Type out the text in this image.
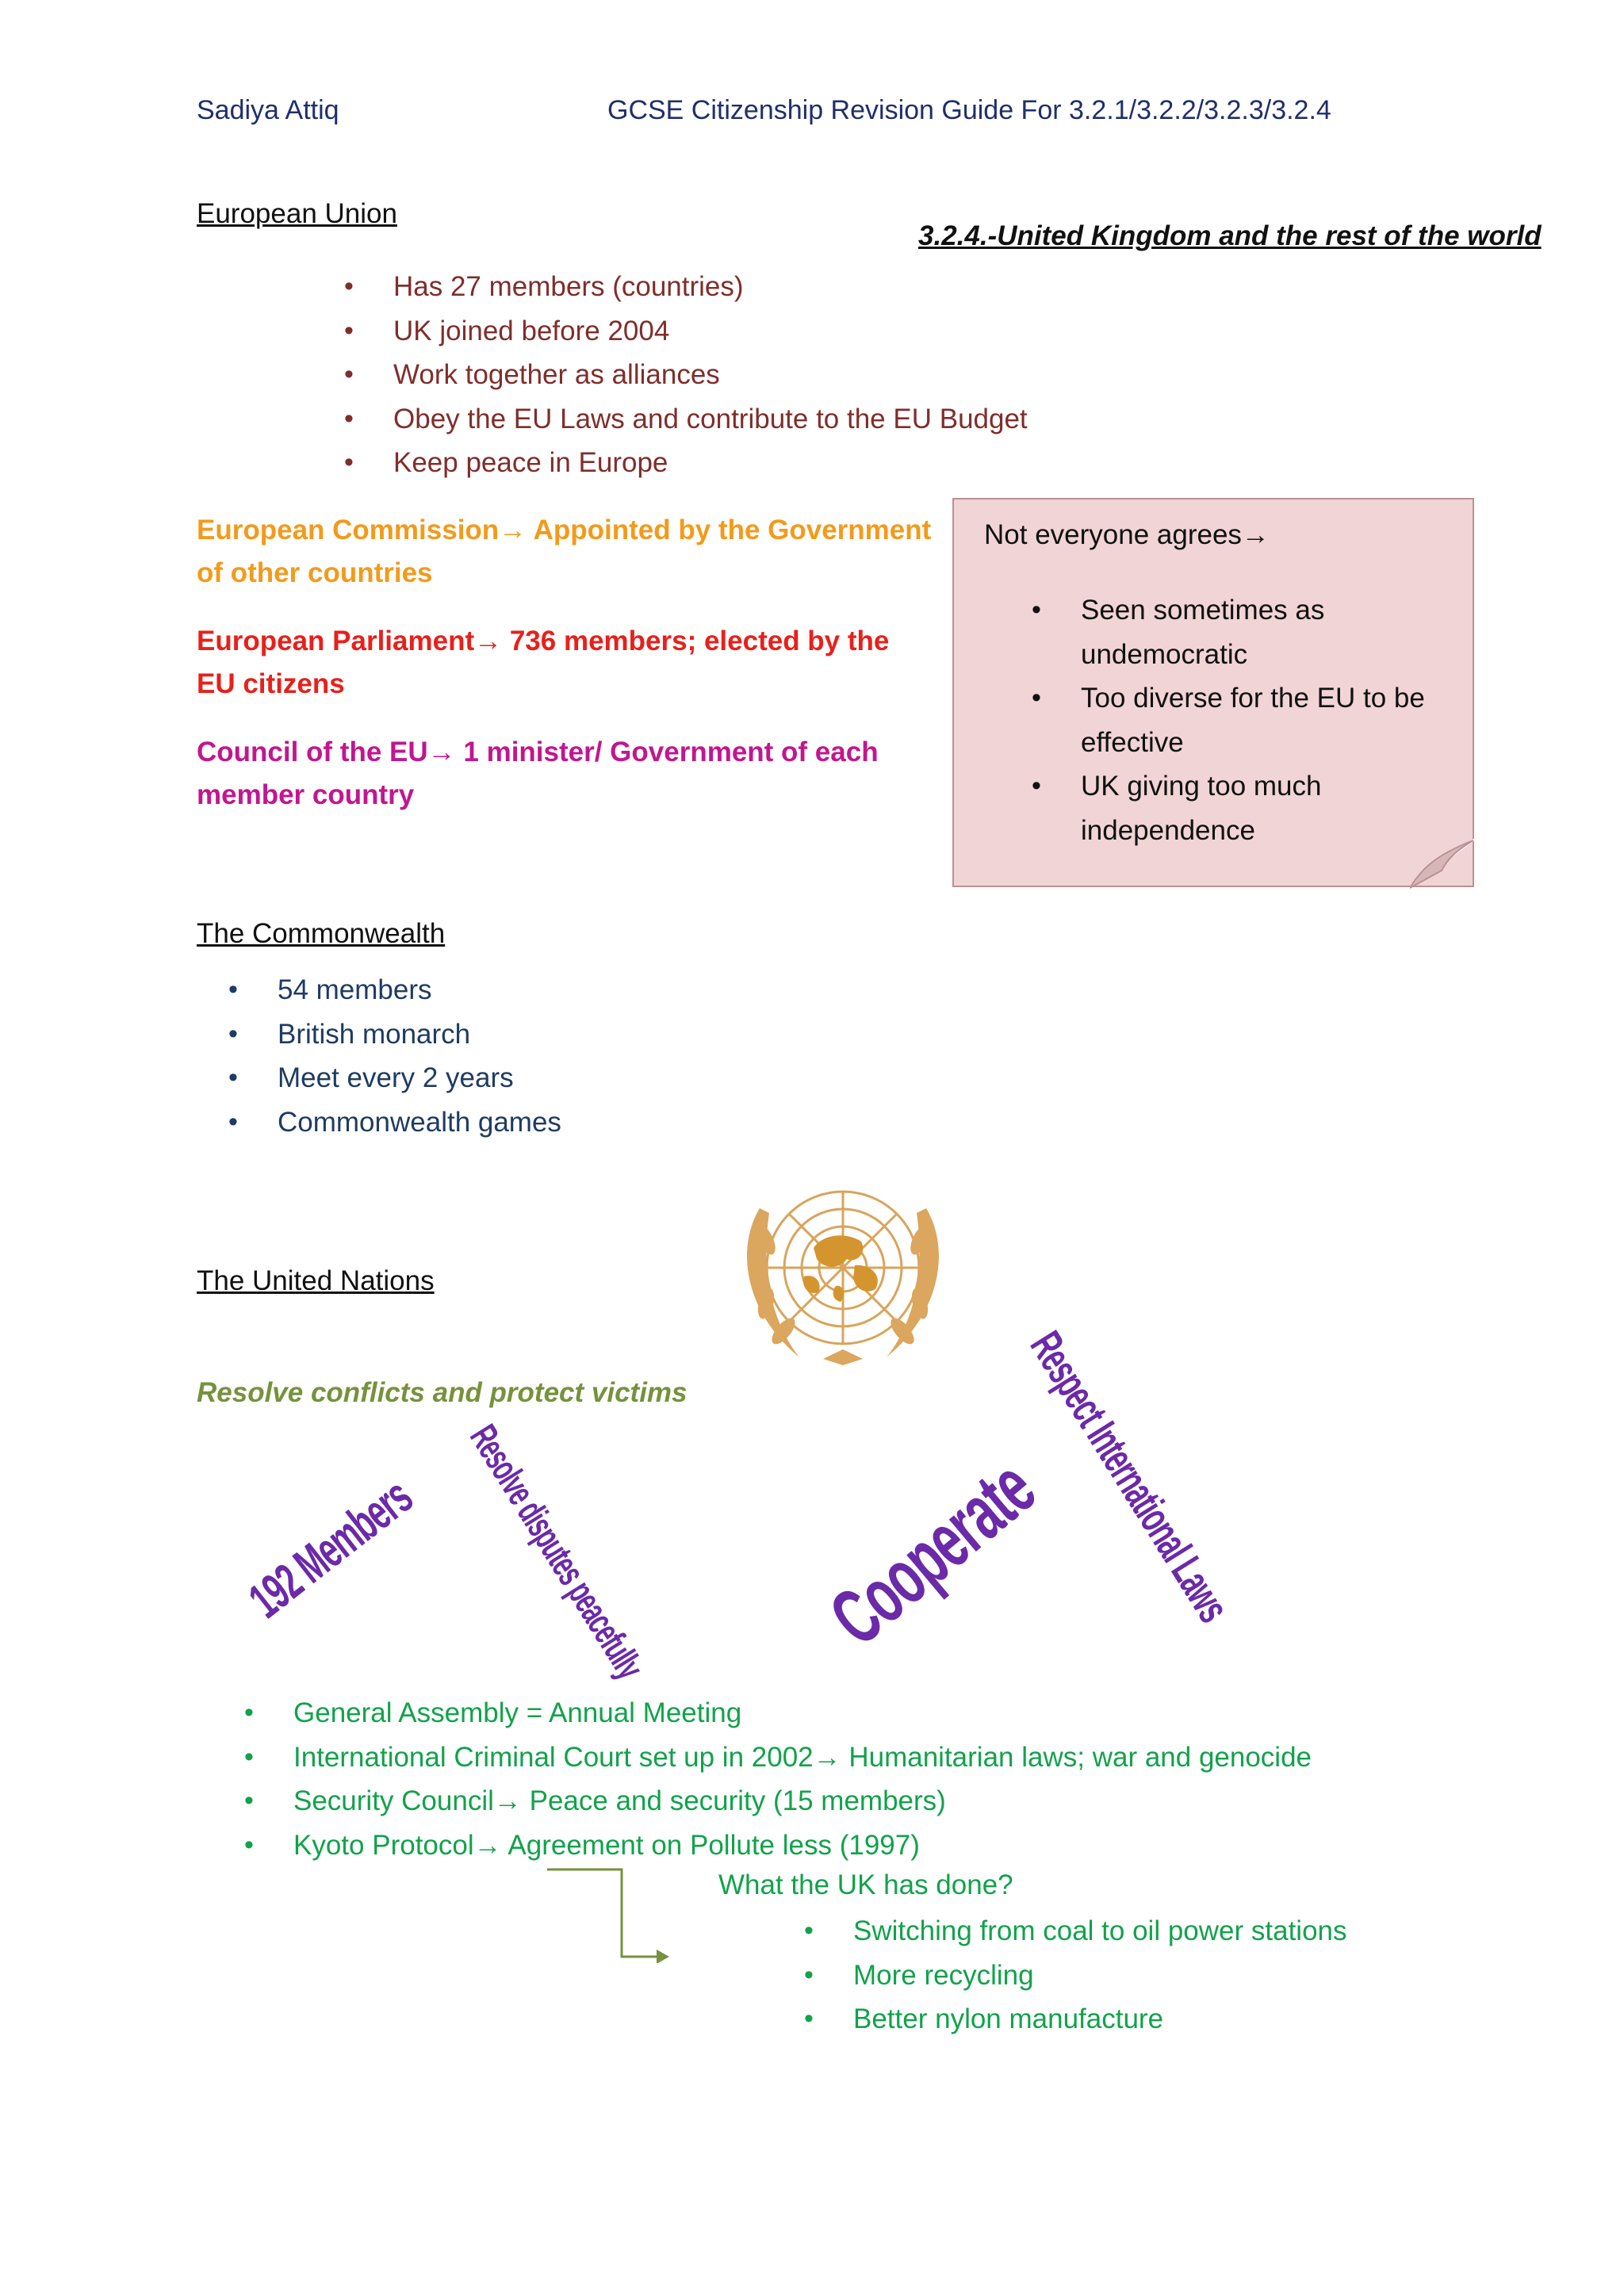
Sadiya Attiq	GCSE Citizenship Revision Guide For 3.2.1/3.2.2/3.2.3/3.2.4
3.2.4.-United Kingdom and the rest of the world
European Union
• Has 27 members (countries)
• UK joined before 2004
• Work together as alliances
• Obey the EU Laws and contribute to the EU Budget
• Keep peace in Europe
European Commission→ Appointed by the Government of other countries
European Parliament→ 736 members; elected by the EU citizens
Council of the EU→ 1 minister/ Government of each member country
Not everyone agrees→
• Seen sometimes as undemocratic
• Too diverse for the EU to be effective
• UK giving too much independence
The Commonwealth
• 54 members
• British monarch
• Meet every 2 years
• Commonwealth games
The United Nations
Resolve conflicts and protect victims
192 Members Resolve disputes peacefully Cooperate
Respect International Laws
• General Assembly = Annual Meeting
• International Criminal Court set up in 2002→ Humanitarian laws; war and genocide
• Security Council→ Peace and security (15 members)
• Kyoto Protocol→ Agreement on Pollute less (1997)
What the UK has done?
• Switching from coal to oil power stations
• More recycling
• Better nylon manufacture
